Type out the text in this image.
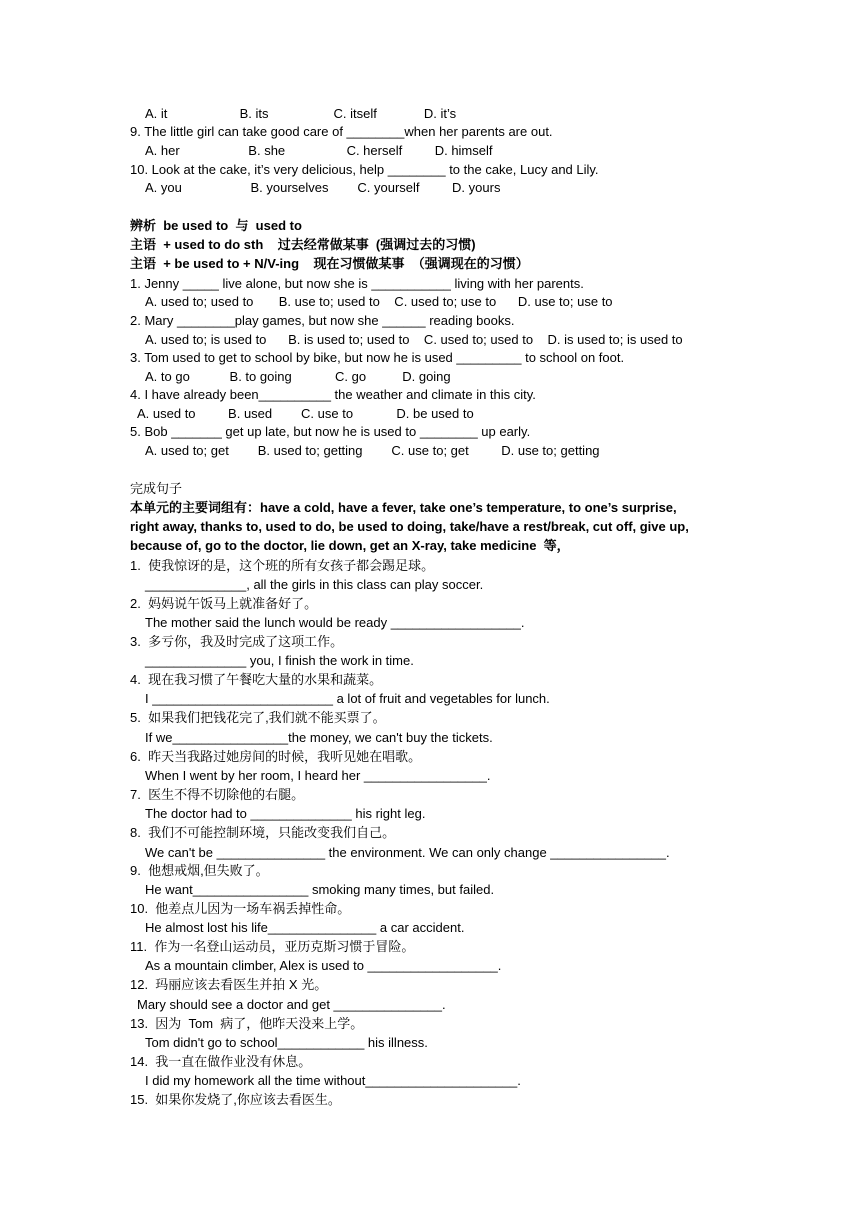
A. it                    B. its                  C. itself             D. it’s
9. The little girl can take good care of ________when her parents are out.
A. her                   B. she                 C. herself         D. himself
10. Look at the cake, it’s very delicious, help ________ to the cake, Lucy and Lily.
A. you                   B. yourselves        C. yourself         D. yours
辨析  be used to  与  used to
主语  + used to do sth    过去经常做某事  (强调过去的习惯)
主语  + be used to + N/V-ing    现在习惯做某事  （强调现在的习惯）
1. Jenny _____ live alone, but now she is ___________ living with her parents.
A. used to; used to       B. use to; used to    C. used to; use to      D. use to; use to
2. Mary ________play games, but now she ______ reading books.
A. used to; is used to      B. is used to; used to    C. used to; used to    D. is used to; is used to
3. Tom used to get to school by bike, but now he is used _________ to school on foot.
A. to go           B. to going            C. go          D. going
4. I have already been__________ the weather and climate in this city.
A. used to         B. used        C. use to            D. be used to
5. Bob _______ get up late, but now he is used to ________ up early.
A. used to; get        B. used to; getting        C. use to; get         D. use to; getting
完成句子
本单元的主要词组有：have a cold, have a fever, take one’s temperature, to one’s surprise,
right away, thanks to, used to do, be used to doing, take/have a rest/break, cut off, give up,
because of, go to the doctor, lie down, get an X-ray, take medicine  等，
1.  使我惊讶的是，这个班的所有女孩子都会踢足球。
______________, all the girls in this class can play soccer.
2.  妈妈说午饭马上就准备好了。
The mother said the lunch would be ready __________________.
3.  多亏你，我及时完成了这项工作。
______________ you, I finish the work in time.
4.  现在我习惯了午餐吃大量的水果和蔬菜。
I _________________________ a lot of fruit and vegetables for lunch.
5.  如果我们把钱花完了,我们就不能买票了。
If we________________the money, we can't buy the tickets.
6.  昨天当我路过她房间的时候，我听见她在唱歌。
When I went by her room, I heard her _________________.
7.  医生不得不切除他的右腿。
The doctor had to ______________ his right leg.
8.  我们不可能控制环境，只能改变我们自己。
We can't be _______________ the environment. We can only change ________________.
9.  他想戒烟,但失败了。
He want________________ smoking many times, but failed.
10.  他差点儿因为一场车祸丢掉性命。
He almost lost his life_______________ a car accident.
11.  作为一名登山运动员，亚历克斯习惯于冒险。
As a mountain climber, Alex is used to __________________.
12.  玛丽应该去看医生并拍 X 光。
Mary should see a doctor and get _______________.
13.  因为  Tom  病了，他昨天没来上学。
Tom didn't go to school____________ his illness.
14.  我一直在做作业没有休息。
I did my homework all the time without_____________________.
15.  如果你发烧了,你应该去看医生。
